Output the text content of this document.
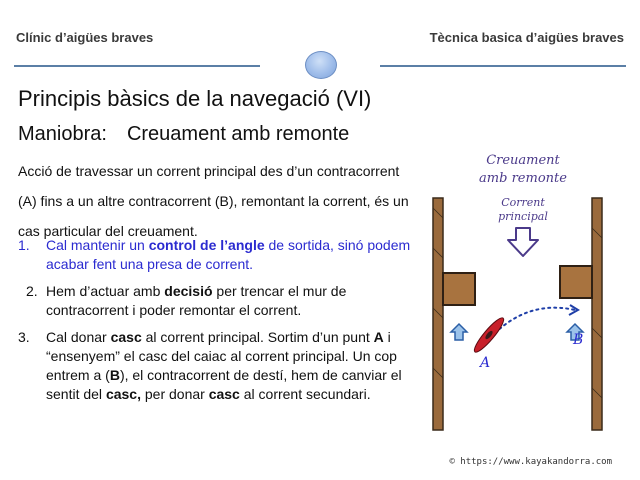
Clínic d’aigües braves	Tècnica basica d’aigües braves
Principis bàsics de la navegació (VI)
Maniobra: Creuament amb remonte
Acció de travessar un corrent principal des d’un contracorrent (A) fins a un altre contracorrent (B), remontant la corrent, és un cas particular del creuament.
1.	Cal mantenir un control de l’angle de sortida, sinó podem acabar fent una presa de corrent.
2. Hem d’actuar amb decisió per trencar el mur de contracorrent i poder remontar el corrent.
3.	Cal donar casc al corrent principal. Sortim d’un punt A i “ensenyem” el casc del caiac al corrent principal. Un cop entrem a (B), el contracorrent de destí, hem de canviar el sentit del casc, per donar casc al corrent secundari.
Creuament
amb remonte
Corrent
principal
A
B
© https://www.kayakandorra.com
